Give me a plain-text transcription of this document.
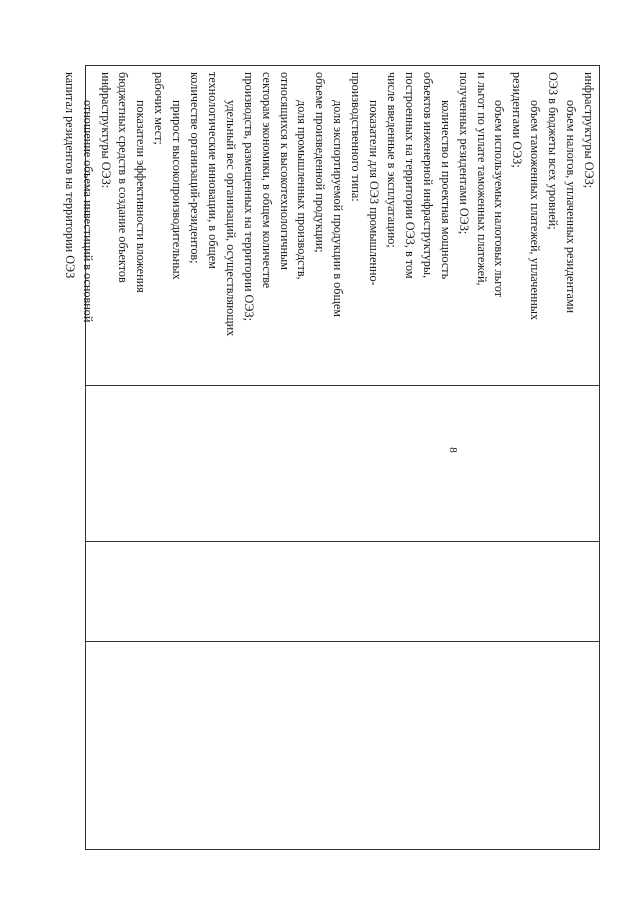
8
инфраструктуры ОЭЗ;
объем налогов, уплаченных резидентами
ОЭЗ в бюджеты всех уровней;
объем таможенных платежей, уплаченных
резидентами ОЭЗ;
объем используемых налоговых льгот
и льгот по уплате таможенных платежей,
полученных резидентами ОЭЗ;
количество и проектная мощность
объектов инженерной инфраструктуры,
построенных на территории ОЭЗ, в том
числе введенные в эксплуатацию;
показатели для ОЭЗ промышленно-
производственного типа:
доля экспортируемой продукции в общем
объеме произведенной продукции;
доля промышленных производств,
относящихся к высокотехнологичным
секторам экономики, в общем количестве
производств, размещенных на территории ОЭЗ;
удельный вес организаций, осуществляющих
технологические инновации, в общем
количестве организаций-резидентов;
прирост высокопроизводительных
рабочих мест;
показатели эффективности вложения
бюджетных средств в создание объектов
инфраструктуры ОЭЗ:
отношение объема инвестиций в основной
капитал резидентов на территории ОЭЗ
